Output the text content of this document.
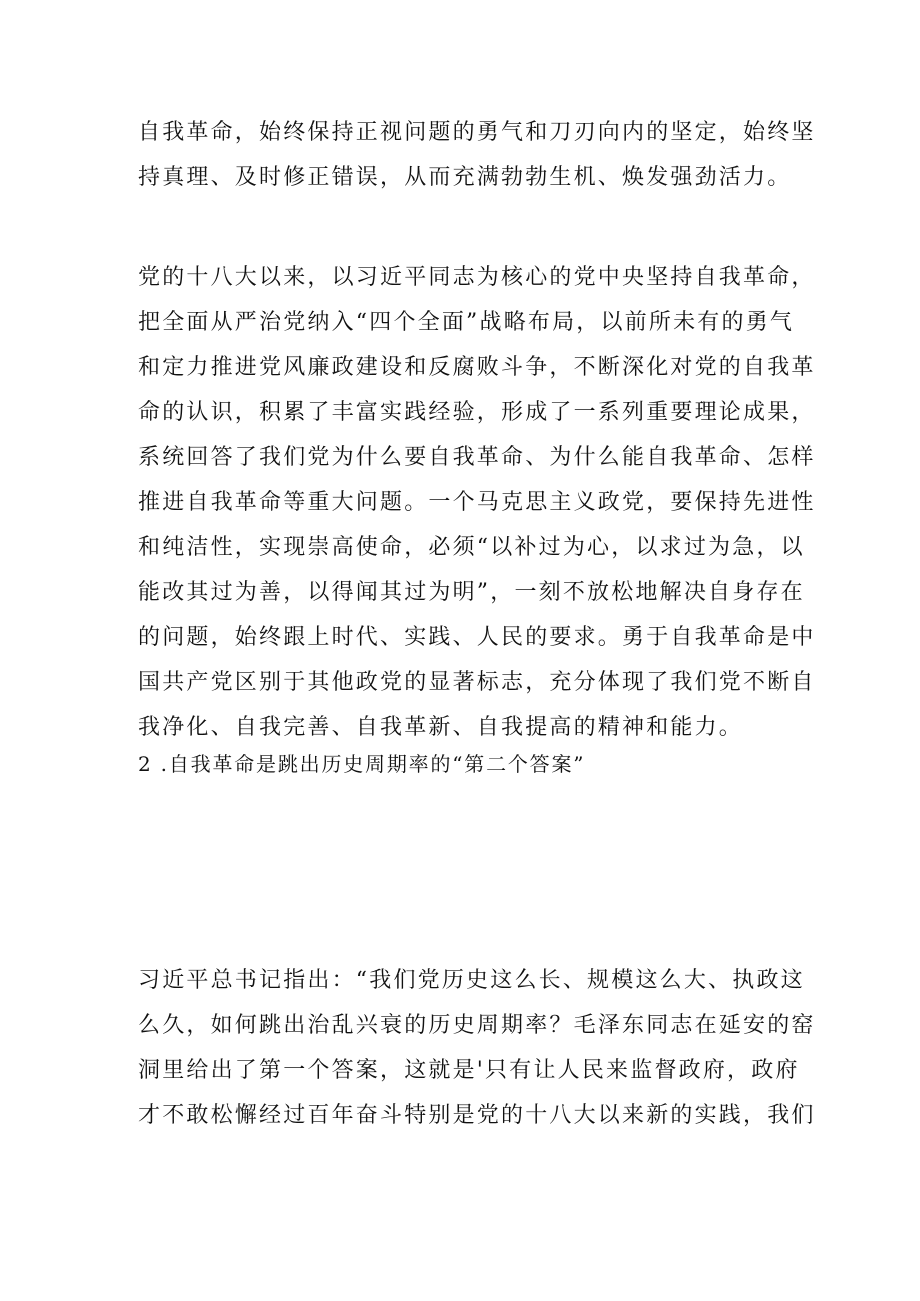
自我革命，始终保持正视问题的勇气和刀刃向内的坚定，始终坚
持真理、及时修正错误，从而充满勃勃生机、焕发强劲活力。
党的十八大以来，以习近平同志为核心的党中央坚持自我革命，
把全面从严治党纳入“四个全面”战略布局，以前所未有的勇气
和定力推进党风廉政建设和反腐败斗争，不断深化对党的自我革
命的认识，积累了丰富实践经验，形成了一系列重要理论成果，
系统回答了我们党为什么要自我革命、为什么能自我革命、怎样
推进自我革命等重大问题。一个马克思主义政党，要保持先进性
和纯洁性，实现崇高使命，必须“以补过为心，以求过为急，以
能改其过为善，以得闻其过为明”，一刻不放松地解决自身存在
的问题，始终跟上时代、实践、人民的要求。勇于自我革命是中
国共产党区别于其他政党的显著标志，充分体现了我们党不断自
我净化、自我完善、自我革新、自我提高的精神和能力。
2 .自我革命是跳出历史周期率的“第二个答案”
习近平总书记指出：“我们党历史这么长、规模这么大、执政这
么久，如何跳出治乱兴衰的历史周期率？毛泽东同志在延安的窑
洞里给出了第一个答案，这就是'只有让人民来监督政府，政府
才不敢松懈经过百年奋斗特别是党的十八大以来新的实践，我们
